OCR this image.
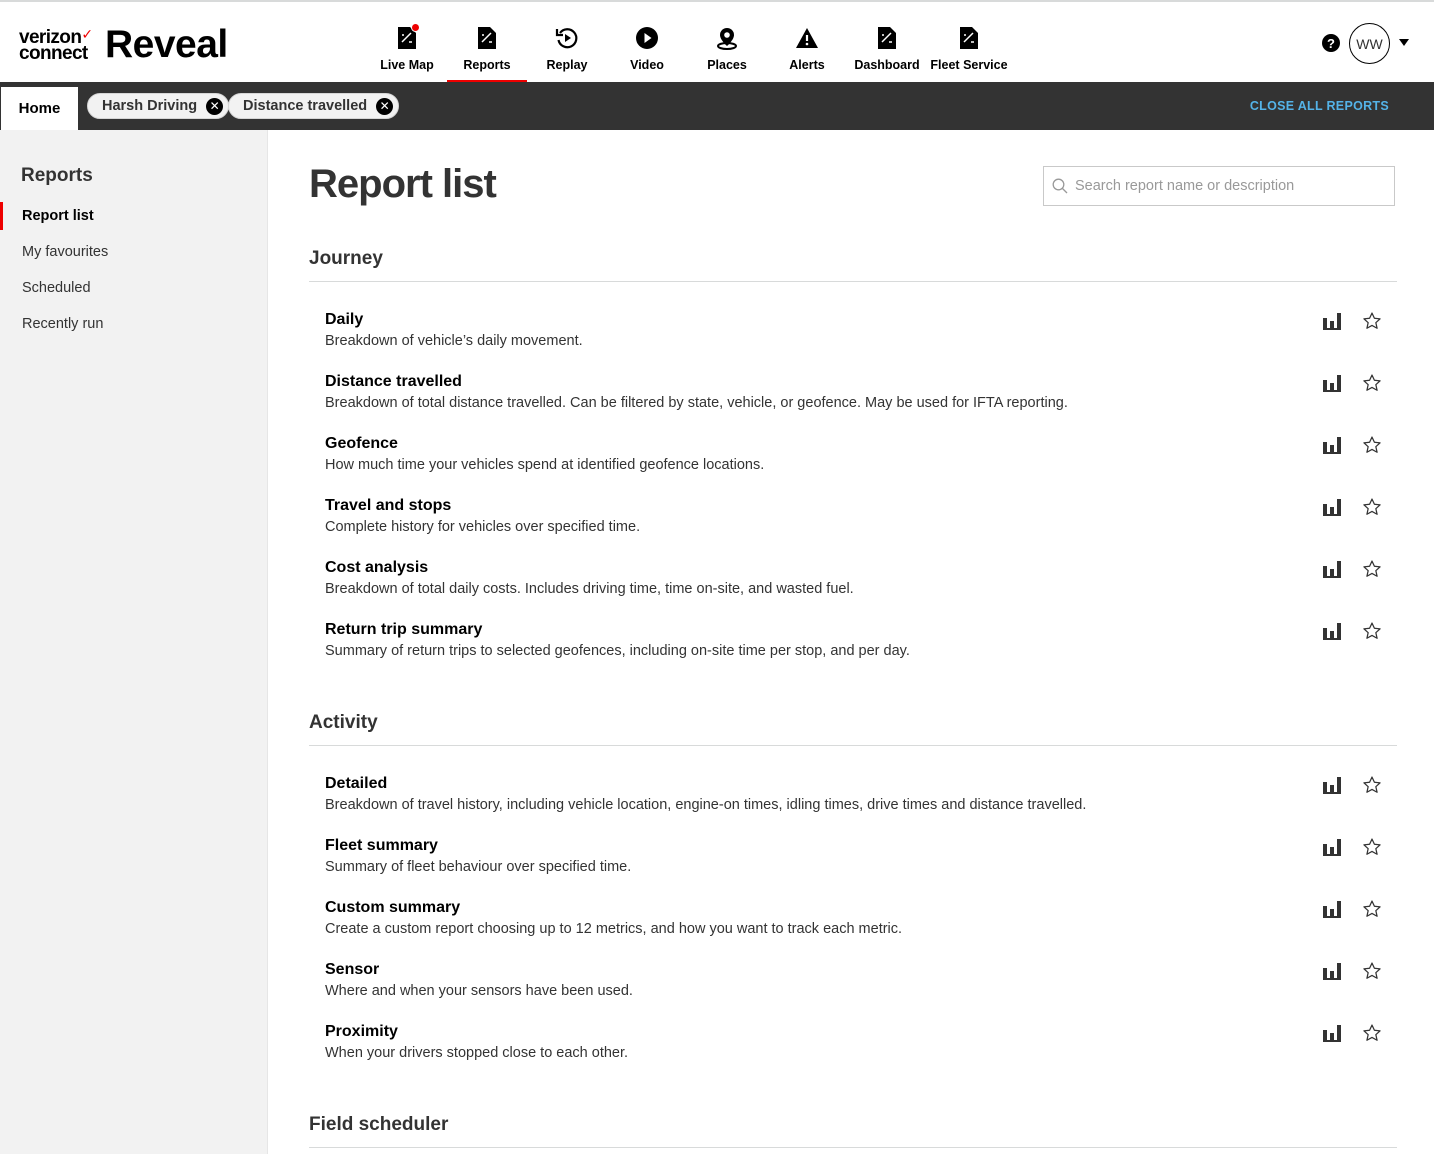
verizon✓
connect Reveal	Live Map Reports	Replay	Video	Places	Alerts Dashboard Fleet Service
?	WW
Home	Harsh Driving ✕ Distance travelled ✕	CLOSE ALL REPORTS
Reports
Report list
My favourites
Scheduled
Recently run
Report list
Search report name or description
Journey
Daily
Breakdown of vehicle’s daily movement.
Distance travelled
Breakdown of total distance travelled. Can be filtered by state, vehicle, or geofence. May be used for IFTA reporting.
Geofence
How much time your vehicles spend at identified geofence locations.
Travel and stops
Complete history for vehicles over specified time.
Cost analysis
Breakdown of total daily costs. Includes driving time, time on-site, and wasted fuel.
Return trip summary
Summary of return trips to selected geofences, including on-site time per stop, and per day.
Activity
Detailed
Breakdown of travel history, including vehicle location, engine-on times, idling times, drive times and distance travelled.
Fleet summary
Summary of fleet behaviour over specified time.
Custom summary
Create a custom report choosing up to 12 metrics, and how you want to track each metric.
Sensor
Where and when your sensors have been used.
Proximity
When your drivers stopped close to each other.
Field scheduler
